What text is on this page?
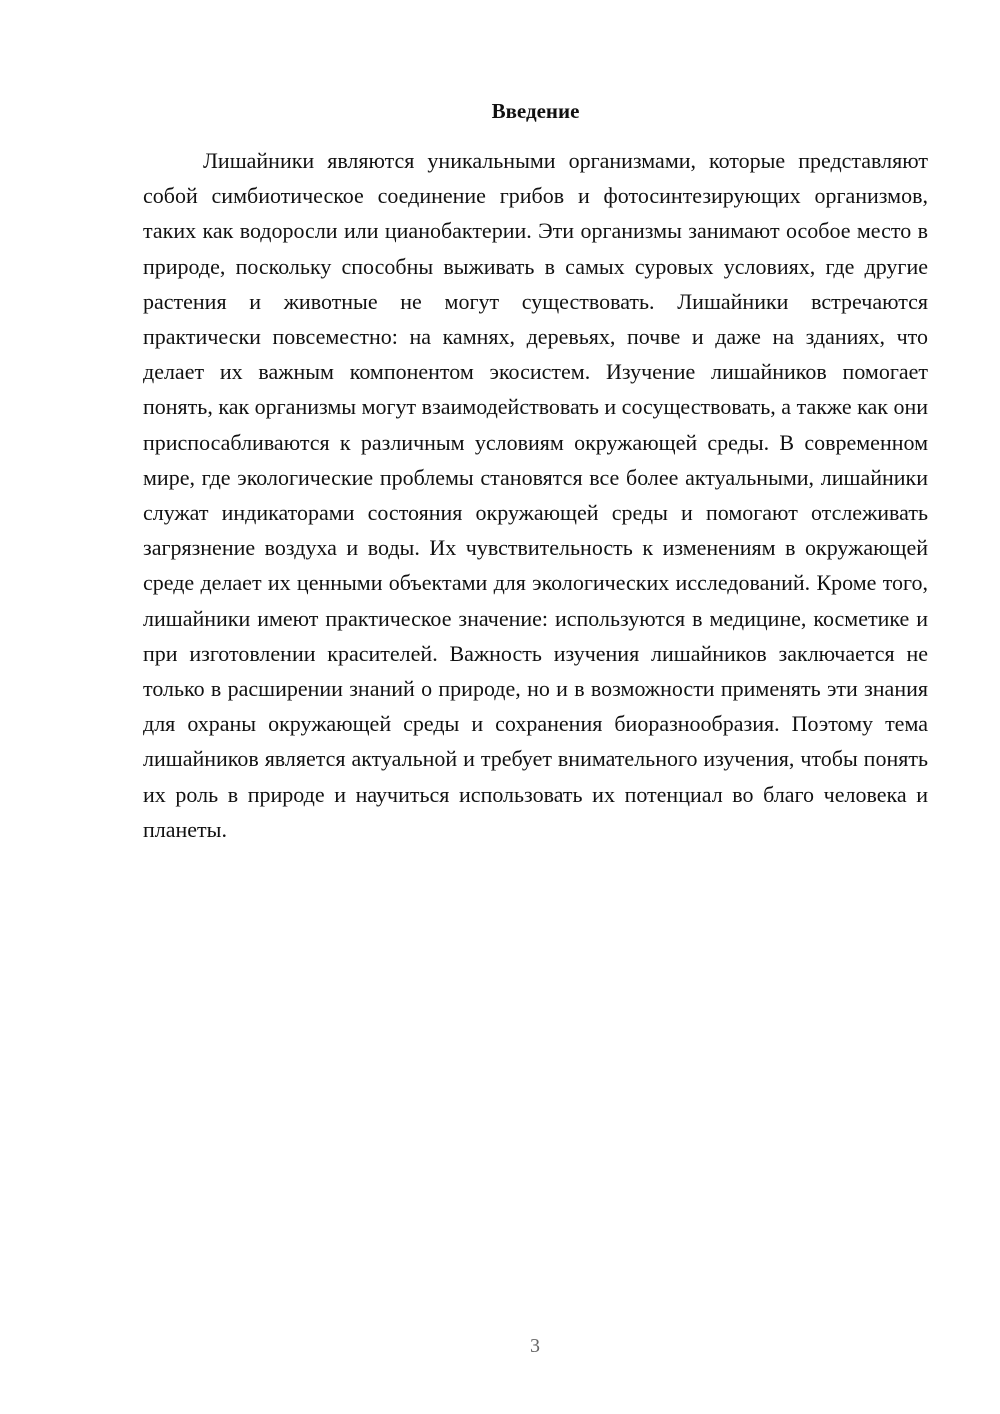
Введение

Лишайники являются уникальными организмами, которые представляют собой симбиотическое соединение грибов и фотосинтезирующих организмов, таких как водоросли или цианобактерии. Эти организмы занимают особое место в природе, поскольку способны выживать в самых суровых условиях, где другие растения и животные не могут существовать. Лишайники встречаются практически повсеместно: на камнях, деревьях, почве и даже на зданиях, что делает их важным компонентом экосистем. Изучение лишайников помогает понять, как организмы могут взаимодействовать и сосуществовать, а также как они приспосабливаются к различным условиям окружающей среды. В современном мире, где экологические проблемы становятся все более актуальными, лишайники служат индикаторами состояния окружающей среды и помогают отслеживать загрязнение воздуха и воды. Их чувствительность к изменениям в окружающей среде делает их ценными объектами для экологических исследований. Кроме того, лишайники имеют практическое значение: используются в медицине, косметике и при изготовлении красителей. Важность изучения лишайников заключается не только в расширении знаний о природе, но и в возможности применять эти знания для охраны окружающей среды и сохранения биоразнообразия. Поэтому тема лишайников является актуальной и требует внимательного изучения, чтобы понять их роль в природе и научиться использовать их потенциал во благо человека и планеты.

3
